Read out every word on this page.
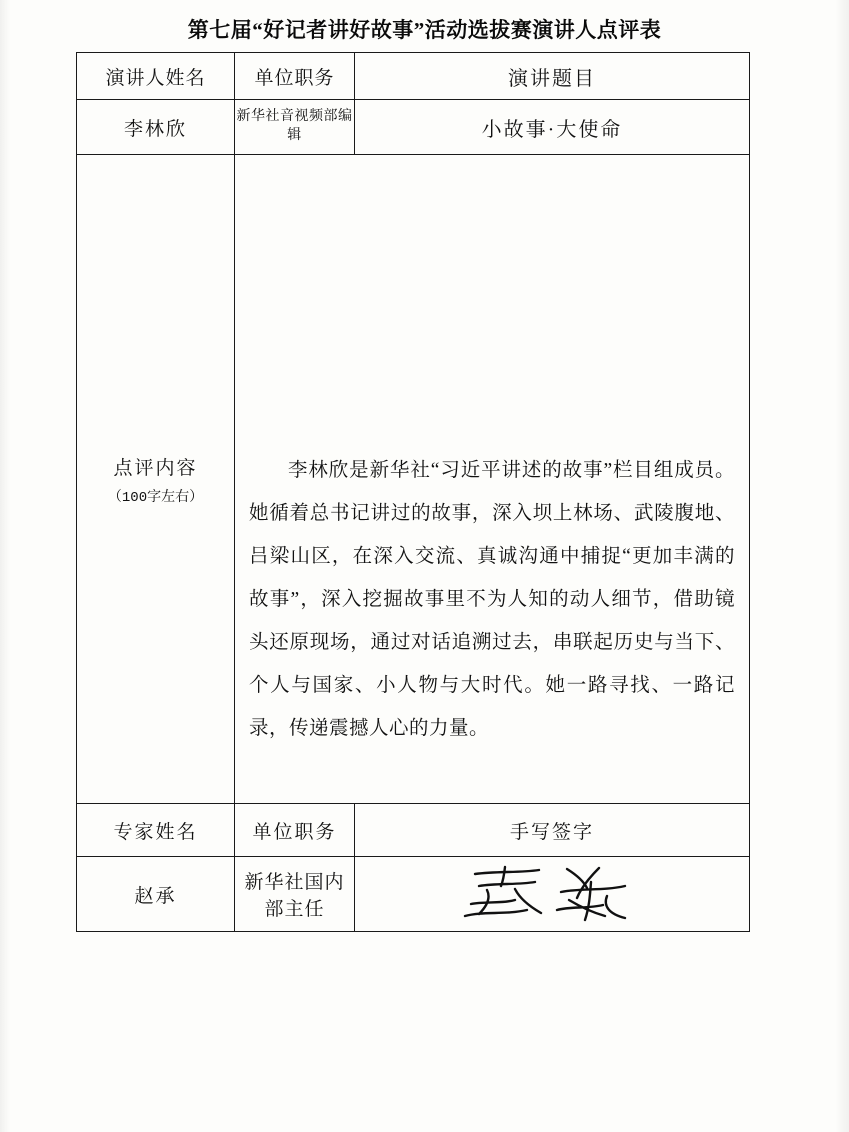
第七届“好记者讲好故事”活动选拔赛演讲人点评表
演讲人姓名	单位职务	演讲题目
李林欣	新华社音视频部编辑	小故事·大使命

点评内容
（100字左右）	李林欣是新华社“习近平讲述的故事”栏目组成员。她循着总书记讲过的故事，深入坝上林场、武陵腹地、吕梁山区，在深入交流、真诚沟通中捕捉“更加丰满的故事”，深入挖掘故事里不为人知的动人细节，借助镜头还原现场，通过对话追溯过去，串联起历史与当下、个人与国家、小人物与大时代。她一路寻找、一路记录，传递震撼人心的力量。	

专家姓名	单位职务	手写签字
赵承	新华社国内部主任	
